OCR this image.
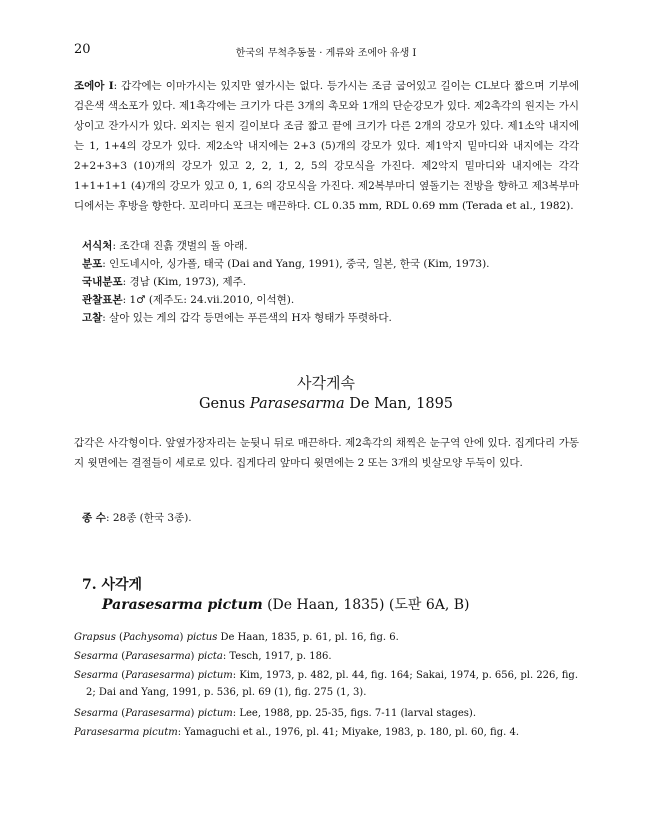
20	한국의 무척추동물 · 게류와 조에아 유생 I
조에아 I: 갑각에는 이마가시는 있지만 옆가시는 없다. 등가시는 조금 굽어있고 길이는 CL보다 짧으며 기부에 검은색 색소포가 있다. 제1촉각에는 크기가 다른 3개의 촉모와 1개의 단순강모가 있다. 제2촉각의 원지는 가시상이고 잔가시가 있다. 외지는 원지 길이보다 조금 짧고 끝에 크기가 다른 2개의 강모가 있다. 제1소악 내지에는 1, 1+4의 강모가 있다. 제2소악 내지에는 2+3 (5)개의 강모가 있다. 제1악지 밑마디와 내지에는 각각 2+2+3+3 (10)개의 강모가 있고 2, 2, 1, 2, 5의 강모식을 가진다. 제2악지 밑마디와 내지에는 각각 1+1+1+1 (4)개의 강모가 있고 0, 1, 6의 강모식을 가진다. 제2복부마디 옆돌기는 전방을 향하고 제3복부마디에서는 후방을 향한다. 꼬리마디 포크는 매끈하다. CL 0.35 mm, RDL 0.69 mm (Terada et al., 1982).
서식처: 조간대 진흙 갯벌의 돌 아래.
분포: 인도네시아, 싱가폴, 태국 (Dai and Yang, 1991), 중국, 일본, 한국 (Kim, 1973).
국내분포: 경남 (Kim, 1973), 제주.
관찰표본: 1♂ (제주도: 24.vii.2010, 이석현).
고찰: 살아 있는 게의 갑각 등면에는 푸른색의 H자 형태가 뚜렷하다.
사각게속
Genus Parasesarma De Man, 1895
갑각은 사각형이다. 앞옆가장자리는 눈뒷니 뒤로 매끈하다. 제2촉각의 채찍은 눈구역 안에 있다. 집게다리 가동지 윗면에는 결절들이 세로로 있다. 집게다리 앞마디 윗면에는 2 또는 3개의 빗살모양 두둑이 있다.
종 수: 28종 (한국 3종).
7. 사각게
Parasesarma pictum (De Haan, 1835) (도판 6A, B)
Grapsus (Pachysoma) pictus De Haan, 1835, p. 61, pl. 16, fig. 6.
Sesarma (Parasesarma) picta: Tesch, 1917, p. 186.
Sesarma (Parasesarma) pictum: Kim, 1973, p. 482, pl. 44, fig. 164; Sakai, 1974, p. 656, pl. 226, fig. 2; Dai and Yang, 1991, p. 536, pl. 69 (1), fig. 275 (1, 3).
Sesarma (Parasesarma) pictum: Lee, 1988, pp. 25-35, figs. 7-11 (larval stages).
Parasesarma picutm: Yamaguchi et al., 1976, pl. 41; Miyake, 1983, p. 180, pl. 60, fig. 4.
